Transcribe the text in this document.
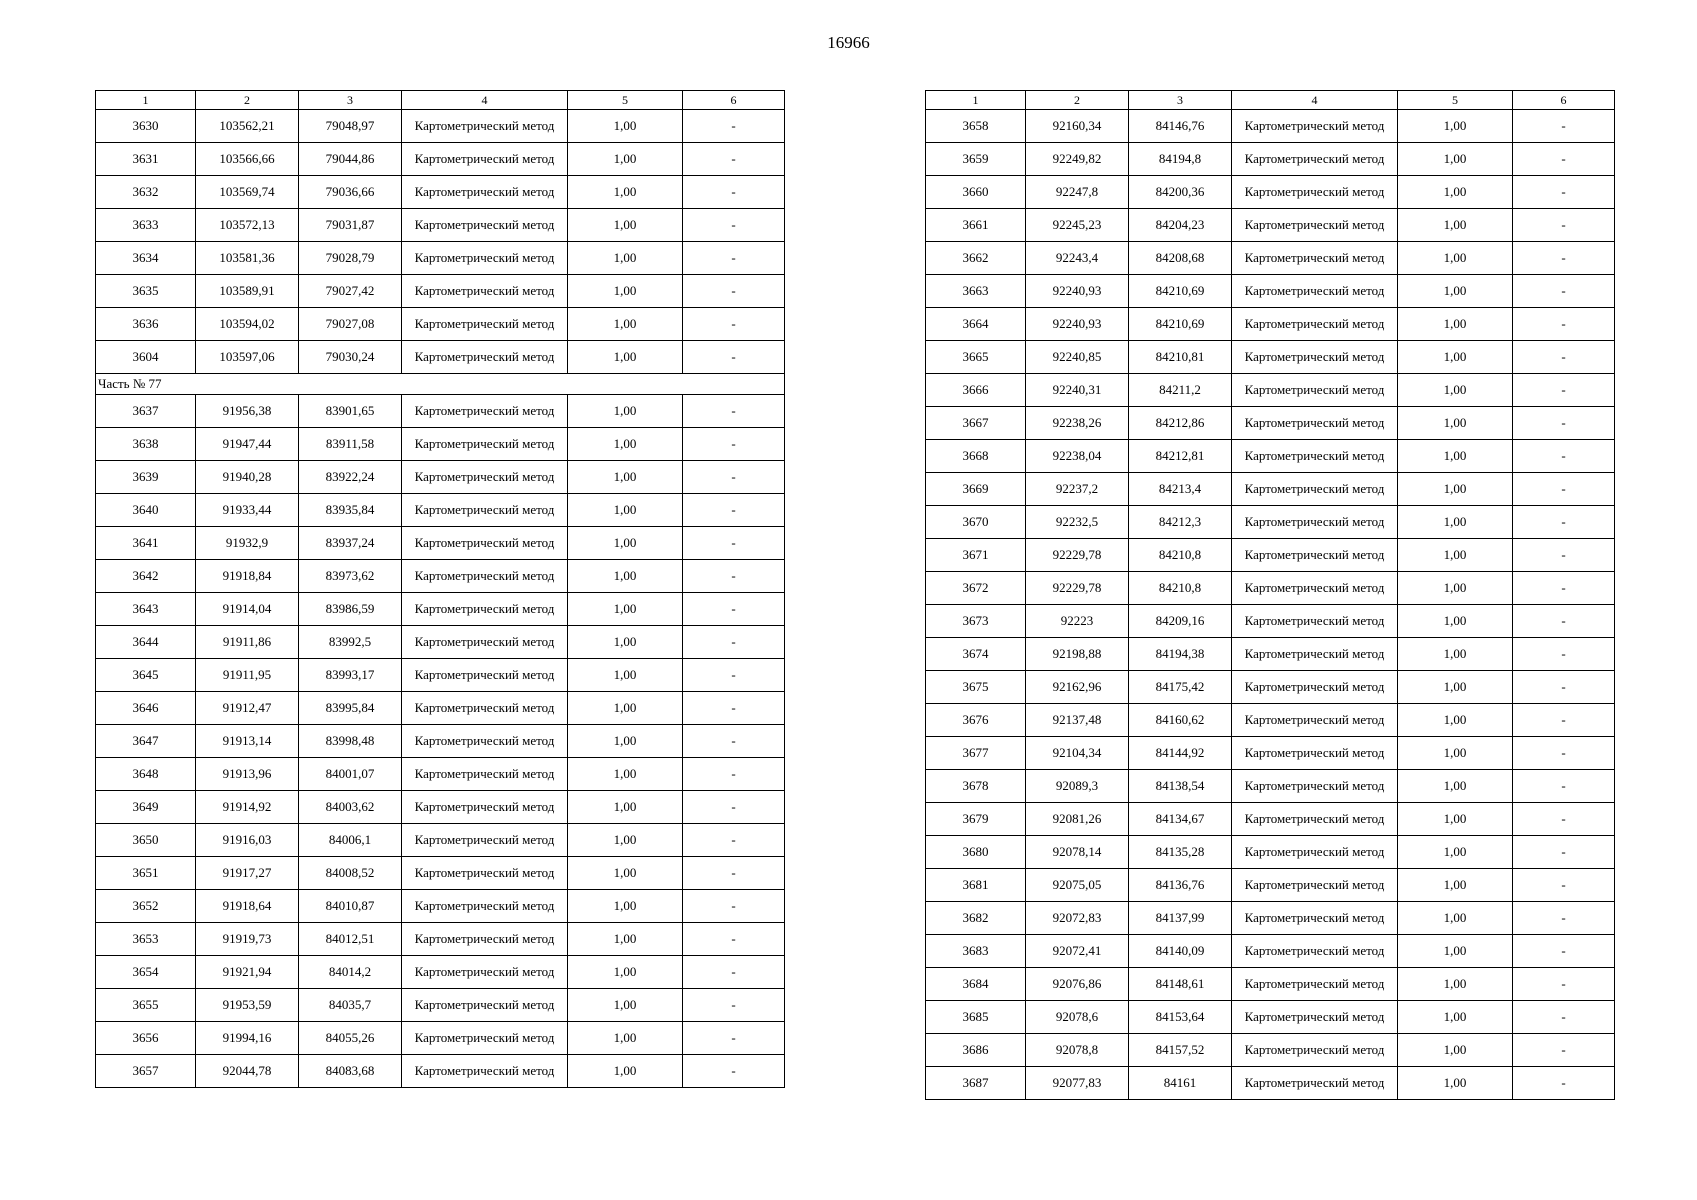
16966
1	2	3	4	5	6
3630	103562,21	79048,97	Картометрический метод	1,00	-
3631	103566,66	79044,86	Картометрический метод	1,00	-
3632	103569,74	79036,66	Картометрический метод	1,00	-
3633	103572,13	79031,87	Картометрический метод	1,00	-
3634	103581,36	79028,79	Картометрический метод	1,00	-
3635	103589,91	79027,42	Картометрический метод	1,00	-
3636	103594,02	79027,08	Картометрический метод	1,00	-
3604	103597,06	79030,24	Картометрический метод	1,00	-
Часть № 77					
3637	91956,38	83901,65	Картометрический метод	1,00	-
3638	91947,44	83911,58	Картометрический метод	1,00	-
3639	91940,28	83922,24	Картометрический метод	1,00	-
3640	91933,44	83935,84	Картометрический метод	1,00	-
3641	91932,9	83937,24	Картометрический метод	1,00	-
3642	91918,84	83973,62	Картометрический метод	1,00	-
3643	91914,04	83986,59	Картометрический метод	1,00	-
3644	91911,86	83992,5	Картометрический метод	1,00	-
3645	91911,95	83993,17	Картометрический метод	1,00	-
3646	91912,47	83995,84	Картометрический метод	1,00	-
3647	91913,14	83998,48	Картометрический метод	1,00	-
3648	91913,96	84001,07	Картометрический метод	1,00	-
3649	91914,92	84003,62	Картометрический метод	1,00	-
3650	91916,03	84006,1	Картометрический метод	1,00	-
3651	91917,27	84008,52	Картометрический метод	1,00	-
3652	91918,64	84010,87	Картометрический метод	1,00	-
3653	91919,73	84012,51	Картометрический метод	1,00	-
3654	91921,94	84014,2	Картометрический метод	1,00	-
3655	91953,59	84035,7	Картометрический метод	1,00	-
3656	91994,16	84055,26	Картометрический метод	1,00	-
3657	92044,78	84083,68	Картометрический метод	1,00	-
1	2	3	4	5	6
3658	92160,34	84146,76	Картометрический метод	1,00	-
3659	92249,82	84194,8	Картометрический метод	1,00	-
3660	92247,8	84200,36	Картометрический метод	1,00	-
3661	92245,23	84204,23	Картометрический метод	1,00	-
3662	92243,4	84208,68	Картометрический метод	1,00	-
3663	92240,93	84210,69	Картометрический метод	1,00	-
3664	92240,93	84210,69	Картометрический метод	1,00	-
3665	92240,85	84210,81	Картометрический метод	1,00	-
3666	92240,31	84211,2	Картометрический метод	1,00	-
3667	92238,26	84212,86	Картометрический метод	1,00	-
3668	92238,04	84212,81	Картометрический метод	1,00	-
3669	92237,2	84213,4	Картометрический метод	1,00	-
3670	92232,5	84212,3	Картометрический метод	1,00	-
3671	92229,78	84210,8	Картометрический метод	1,00	-
3672	92229,78	84210,8	Картометрический метод	1,00	-
3673	92223	84209,16	Картометрический метод	1,00	-
3674	92198,88	84194,38	Картометрический метод	1,00	-
3675	92162,96	84175,42	Картометрический метод	1,00	-
3676	92137,48	84160,62	Картометрический метод	1,00	-
3677	92104,34	84144,92	Картометрический метод	1,00	-
3678	92089,3	84138,54	Картометрический метод	1,00	-
3679	92081,26	84134,67	Картометрический метод	1,00	-
3680	92078,14	84135,28	Картометрический метод	1,00	-
3681	92075,05	84136,76	Картометрический метод	1,00	-
3682	92072,83	84137,99	Картометрический метод	1,00	-
3683	92072,41	84140,09	Картометрический метод	1,00	-
3684	92076,86	84148,61	Картометрический метод	1,00	-
3685	92078,6	84153,64	Картометрический метод	1,00	-
3686	92078,8	84157,52	Картометрический метод	1,00	-
3687	92077,83	84161	Картометрический метод	1,00	-
